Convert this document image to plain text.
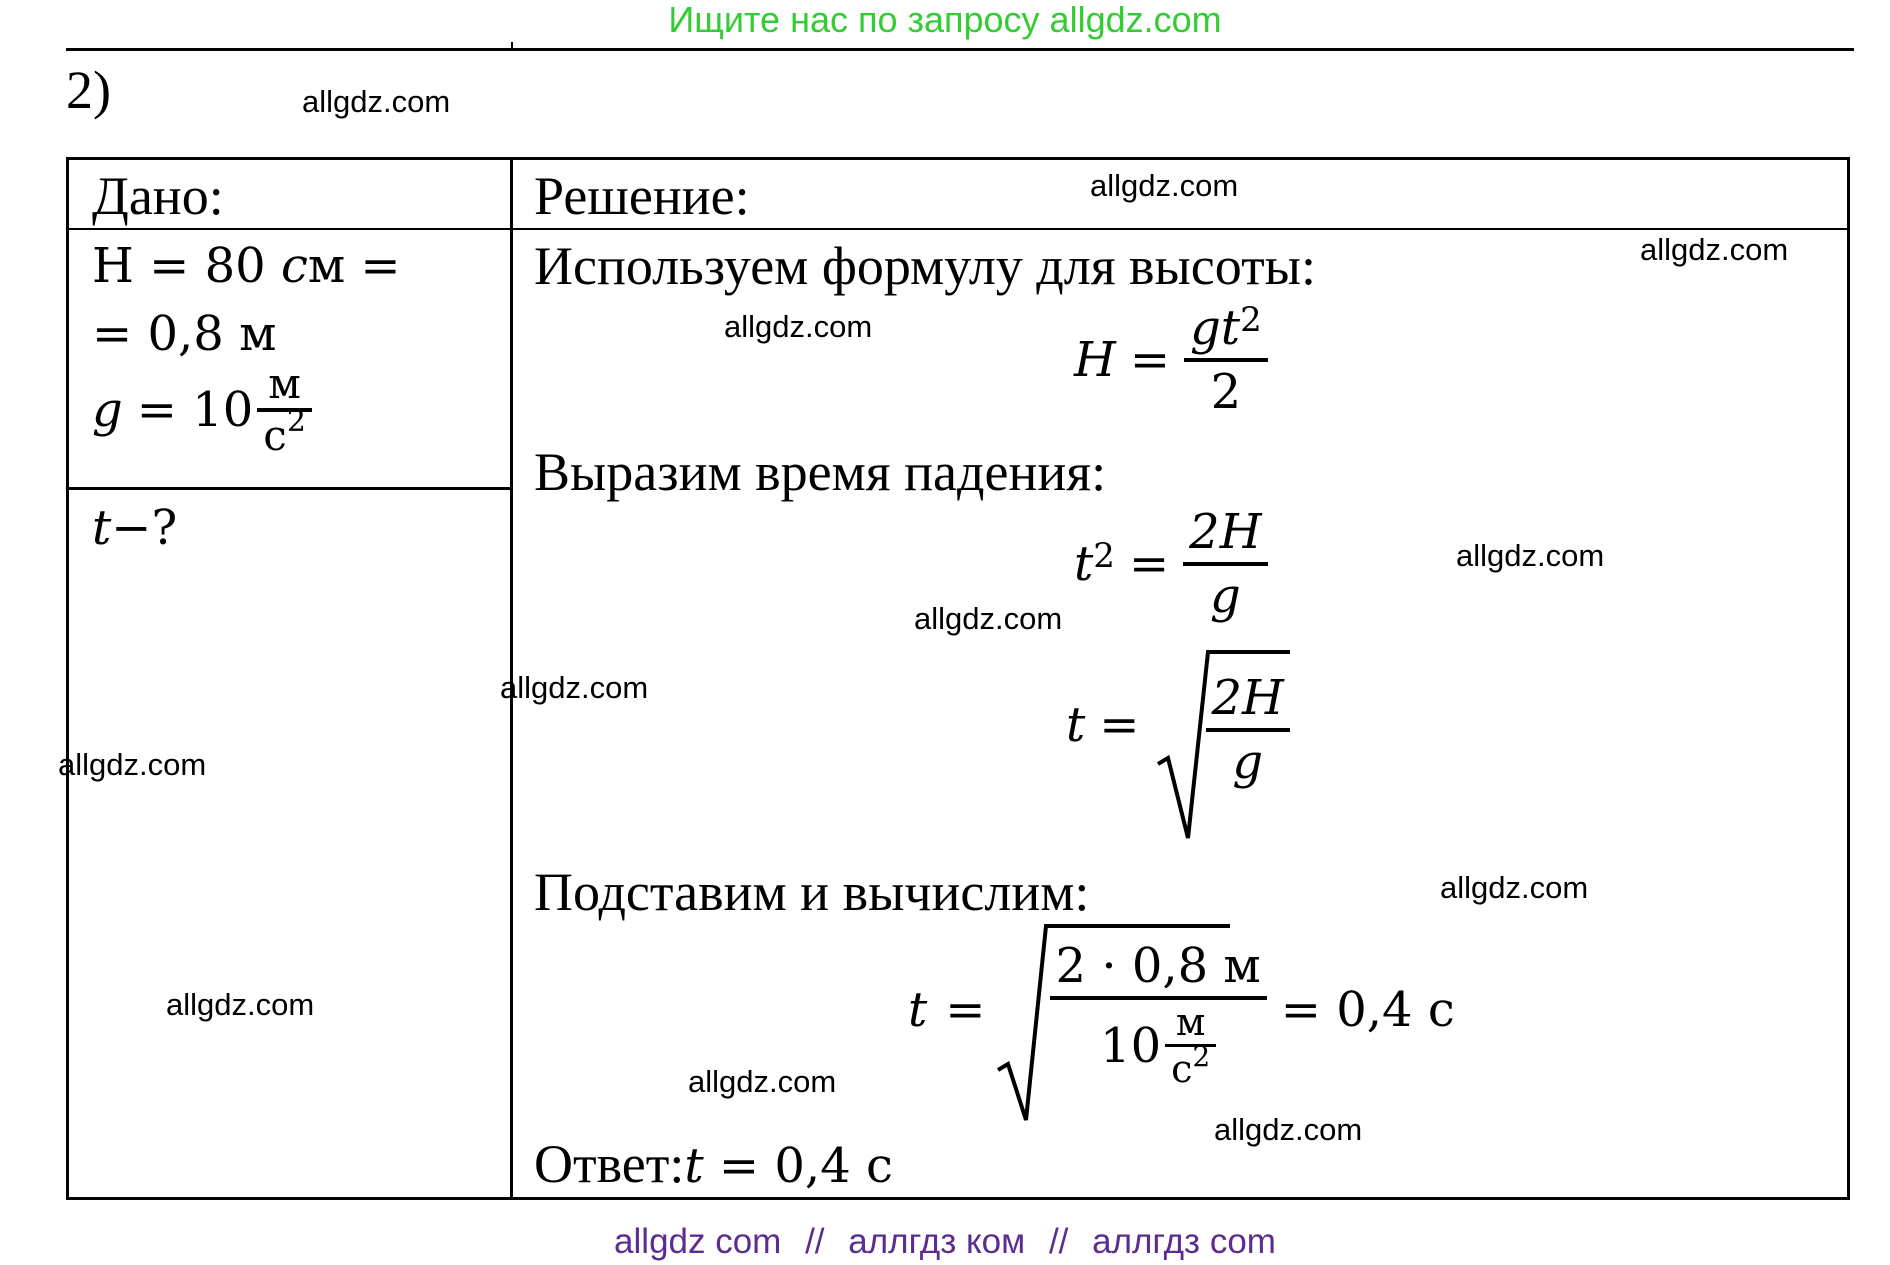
Ищите нас по запросу allgdz.com
2)
Дано:	Решение:
H = 80 см =
= 0,8 м
$g = 10 \frac{м}{с^2}$
t−?
Используем формулу для высоты:
$H = \frac{gt^2}{2}$
Выразим время падения:
$t^2 = \frac{2H}{g}$
$t = \frac{2H}{g}$
Подставим и вычислим:
$t = \frac{2 \cdot 0,8 м}{10 \frac{м}{с^2}} = 0,4$ с
Ответ:t = 0,4 с
allgdz.com
allgdz.com
allgdz.com
allgdz.com
allgdz.com
allgdz.com
allgdz.com
allgdz.com
allgdz.com
allgdz.com
allgdz.com
allgdz.com
allgdz com // аллгдз ком // аллгдз com
